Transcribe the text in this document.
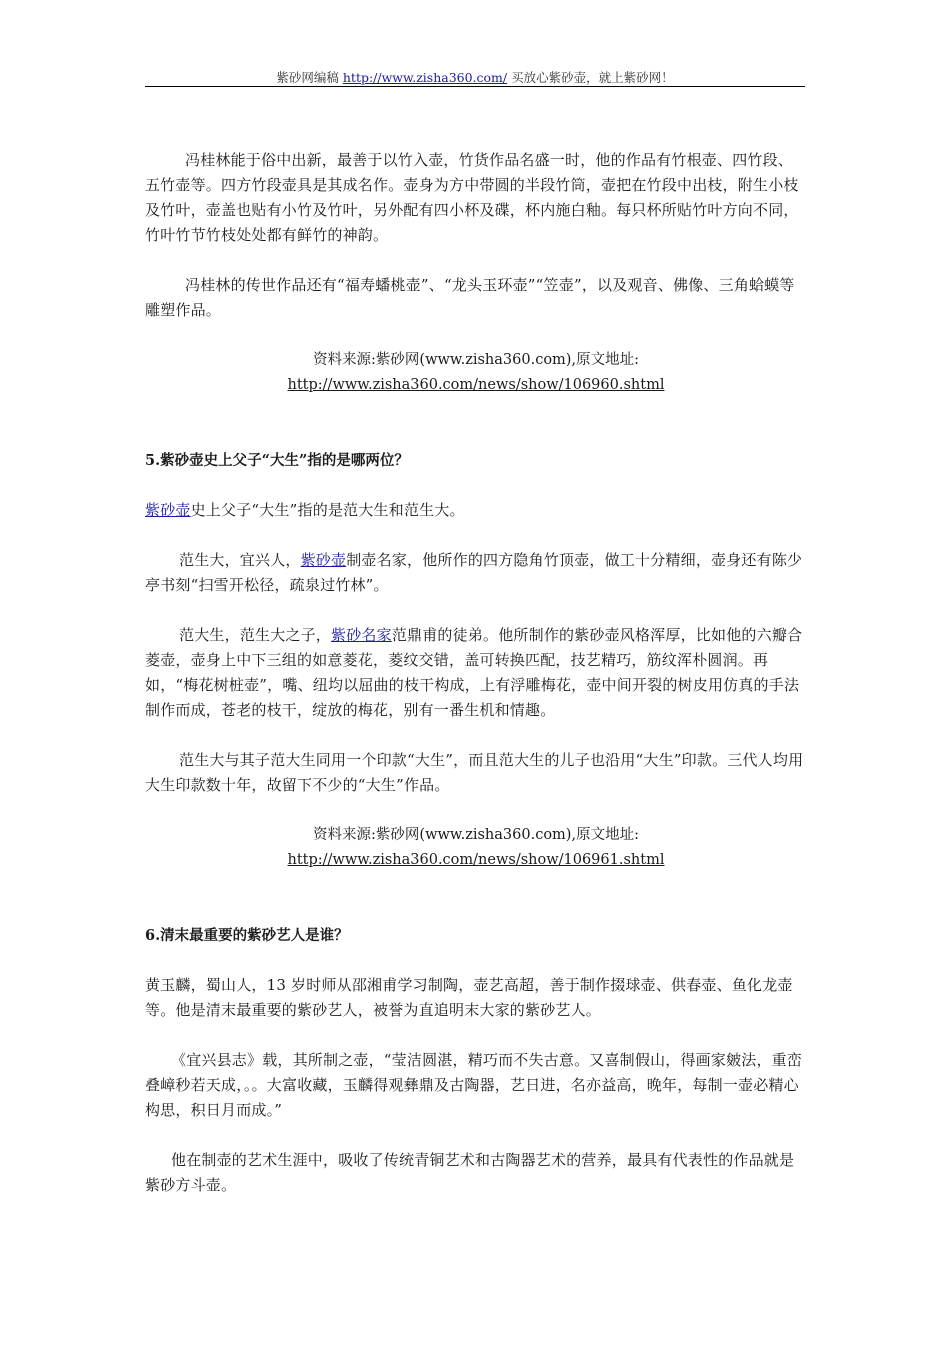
紫砂网编稿 http://www.zisha360.com/ 买放心紫砂壶，就上紫砂网！

冯桂林能于俗中出新，最善于以竹入壶，竹货作品名盛一时，他的作品有竹根壶、四竹段、五竹壶等。四方竹段壶具是其成名作。壶身为方中带圆的半段竹筒，壶把在竹段中出枝，附生小枝及竹叶，壶盖也贴有小竹及竹叶，另外配有四小杯及碟，杯内施白釉。每只杯所贴竹叶方向不同，竹叶竹节竹枝处处都有鲜竹的神韵。

冯桂林的传世作品还有“福寿蟠桃壶”、“龙头玉环壶”“笠壶”，以及观音、佛像、三角蛤蟆等雕塑作品。

资料来源:紫砂网(www.zisha360.com),原文地址:
http://www.zisha360.com/news/show/106960.shtml
5.紫砂壶史上父子“大生”指的是哪两位？

紫砂壶史上父子“大生”指的是范大生和范生大。

范生大，宜兴人，紫砂壶制壶名家，他所作的四方隐角竹顶壶，做工十分精细，壶身还有陈少亭书刻“扫雪开松径，疏泉过竹林”。

范大生，范生大之子，紫砂名家范鼎甫的徒弟。他所制作的紫砂壶风格浑厚，比如他的六瓣合菱壶，壶身上中下三组的如意菱花，菱纹交错，盖可转换匹配，技艺精巧，筋纹浑朴圆润。再如，“梅花树桩壶”，嘴、纽均以屈曲的枝干构成，上有浮雕梅花，壶中间开裂的树皮用仿真的手法制作而成，苍老的枝干，绽放的梅花，别有一番生机和情趣。

范生大与其子范大生同用一个印款“大生”，而且范大生的儿子也沿用“大生”印款。三代人均用大生印款数十年，故留下不少的“大生”作品。

资料来源:紫砂网(www.zisha360.com),原文地址:
http://www.zisha360.com/news/show/106961.shtml
6.清末最重要的紫砂艺人是谁？

黄玉麟，蜀山人，13 岁时师从邵湘甫学习制陶，壶艺高超，善于制作掇球壶、供春壶、鱼化龙壶等。他是清末最重要的紫砂艺人，被誉为直追明末大家的紫砂艺人。

《宜兴县志》载，其所制之壶，“莹洁圆湛，精巧而不失古意。又喜制假山，得画家皴法，重峦叠嶂秒若天成，。。大富收藏，玉麟得观彝鼎及古陶器，艺日进，名亦益高，晚年，每制一壶必精心构思，积日月而成。”

他在制壶的艺术生涯中，吸收了传统青铜艺术和古陶器艺术的营养，最具有代表性的作品就是紫砂方斗壶。
